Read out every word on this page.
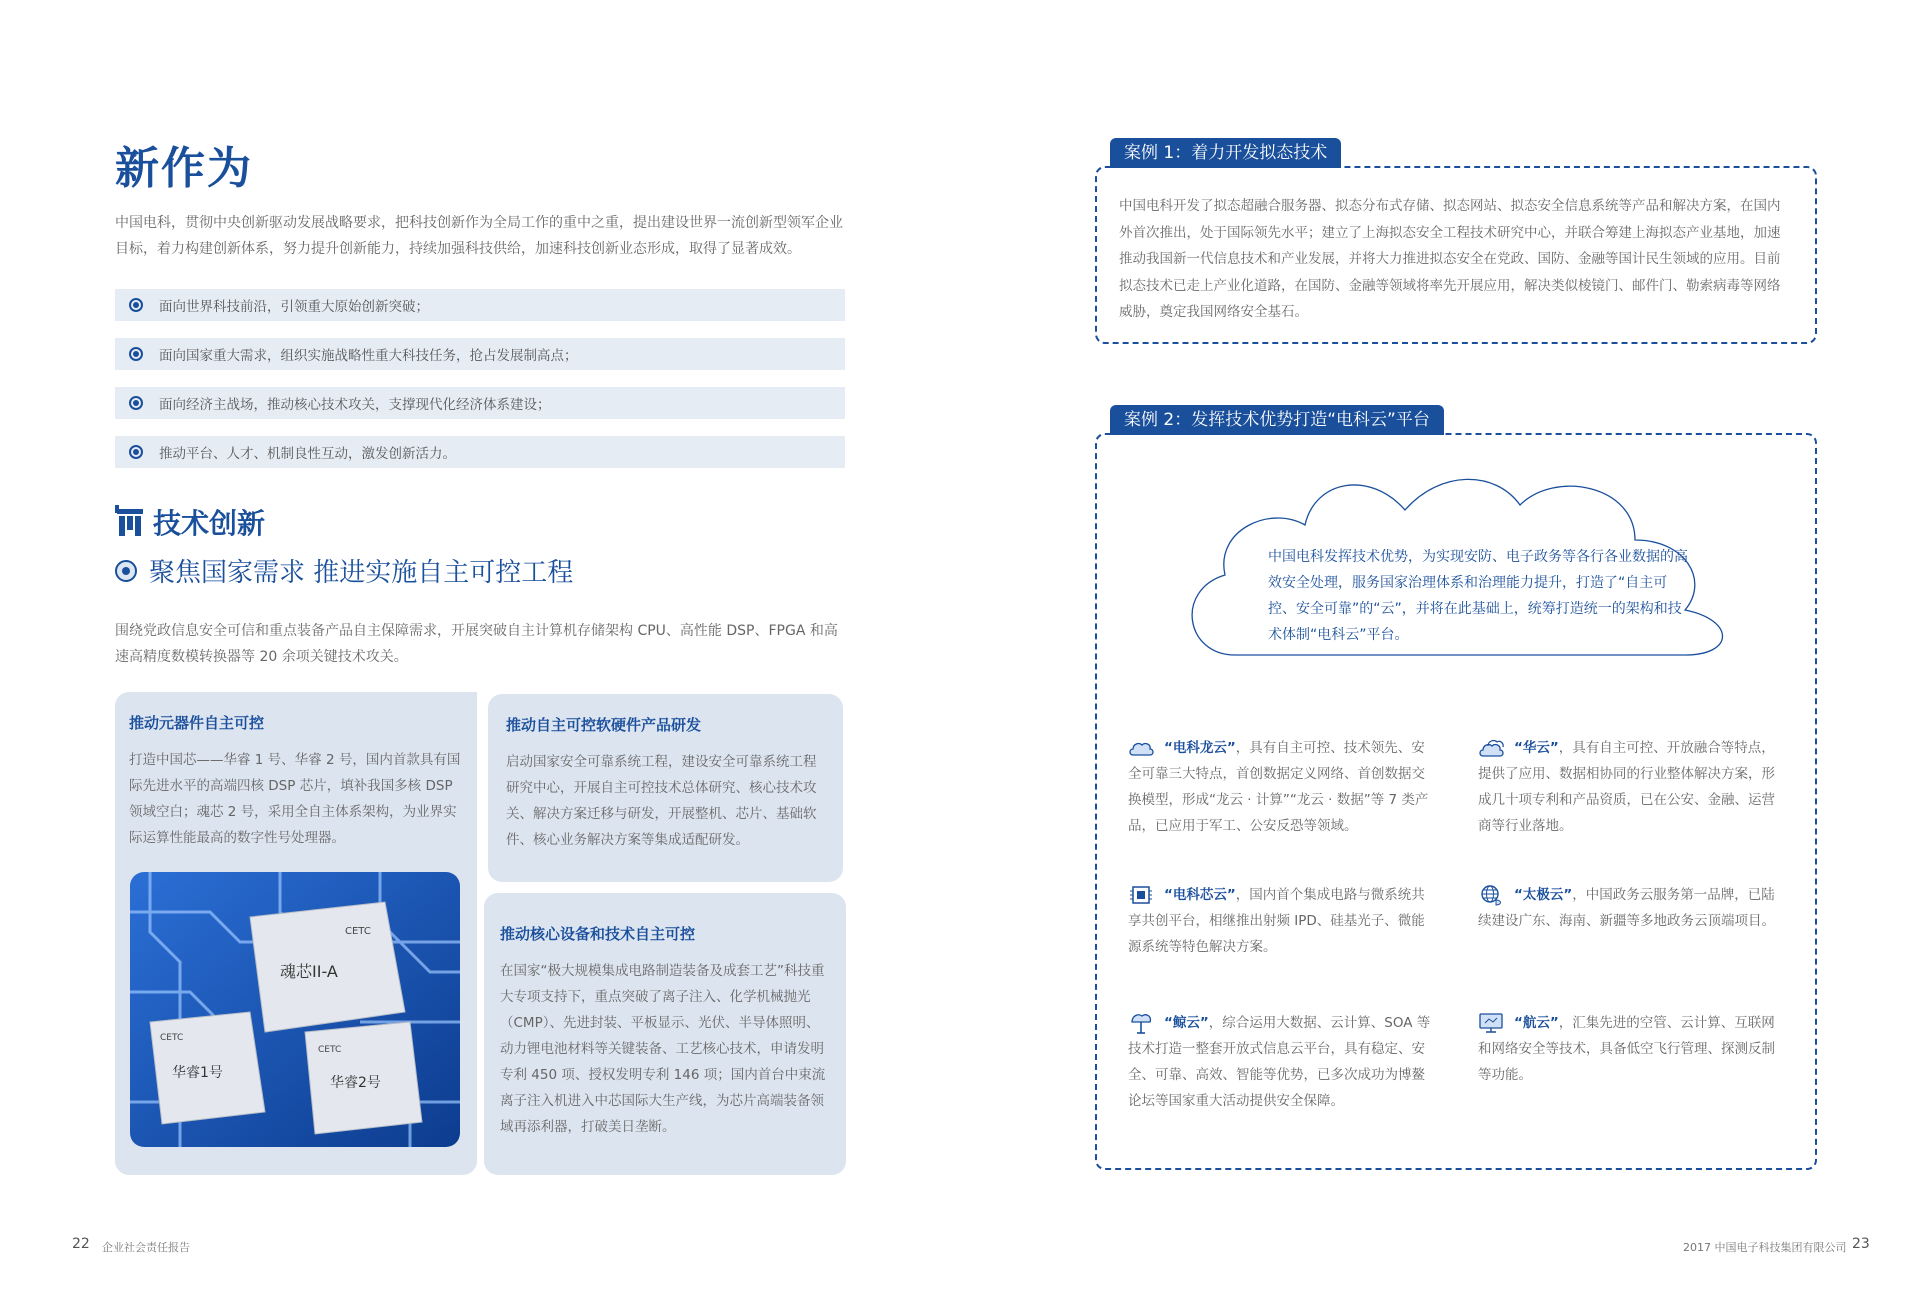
新作为
中国电科，贯彻中央创新驱动发展战略要求，把科技创新作为全局工作的重中之重，提出建设世界一流创新型领军企业目标，着力构建创新体系，努力提升创新能力，持续加强科技供给，加速科技创新业态形成，取得了显著成效。
面向世界科技前沿，引领重大原始创新突破；
面向国家重大需求，组织实施战略性重大科技任务，抢占发展制高点；
面向经济主战场，推动核心技术攻关，支撑现代化经济体系建设；
推动平台、人才、机制良性互动，激发创新活力。
技术创新
聚焦国家需求 推进实施自主可控工程
围绕党政信息安全可信和重点装备产品自主保障需求，开展突破自主计算机存储架构 CPU、高性能 DSP、FPGA 和高速高精度数模转换器等 20 余项关键技术攻关。
推动元器件自主可控

打造中国芯——华睿 1 号、华睿 2 号，国内首款具有国际先进水平的高端四核 DSP 芯片，填补我国多核 DSP 领域空白；魂芯 2 号，采用全自主体系架构，为业界实际运算性能最高的数字性号处理器。

CETC
魂芯II-A
CETC
华睿1号
CETC
华睿2号
推动自主可控软硬件产品研发

启动国家安全可靠系统工程，建设安全可靠系统工程研究中心，开展自主可控技术总体研究、核心技术攻关、解决方案迁移与研发，开展整机、芯片、基础软件、核心业务解决方案等集成适配研发。

推动核心设备和技术自主可控

在国家“极大规模集成电路制造装备及成套工艺”科技重大专项支持下，重点突破了离子注入、化学机械抛光（CMP）、先进封装、平板显示、光伏、半导体照明、动力锂电池材料等关键装备、工艺核心技术，申请发明专利 450 项、授权发明专利 146 项；国内首台中束流离子注入机进入中芯国际大生产线，为芯片高端装备领域再添利器，打破美日垄断。

22 企业社会责任报告
案例 1：着力开发拟态技术

中国电科开发了拟态超融合服务器、拟态分布式存储、拟态网站、拟态安全信息系统等产品和解决方案，在国内外首次推出，处于国际领先水平；建立了上海拟态安全工程技术研究中心，并联合筹建上海拟态产业基地，加速推动我国新一代信息技术和产业发展，并将大力推进拟态安全在党政、国防、金融等国计民生领域的应用。目前拟态技术已走上产业化道路，在国防、金融等领域将率先开展应用，解决类似棱镜门、邮件门、勒索病毒等网络威胁，奠定我国网络安全基石。

案例 2：发挥技术优势打造“电科云”平台
中国电科发挥技术优势，为实现安防、电子政务等各行各业数据的高效安全处理，服务国家治理体系和治理能力提升，打造了“自主可控、安全可靠”的“云”，并将在此基础上，统筹打造统一的架构和技术体制“电科云”平台。
“电科龙云”，具有自主可控、技术领先、安全可靠三大特点，首创数据定义网络、首创数据交换模型，形成“龙云 · 计算”“龙云 · 数据”等 7 类产品，已应用于军工、公安反恐等领域。
“华云”，具有自主可控、开放融合等特点，提供了应用、数据相协同的行业整体解决方案，形成几十项专利和产品资质，已在公安、金融、运营商等行业落地。
“电科芯云”，国内首个集成电路与微系统共享共创平台，相继推出射频 IPD、硅基光子、微能源系统等特色解决方案。
“太极云”，中国政务云服务第一品牌，已陆续建设广东、海南、新疆等多地政务云顶端项目。
“鲸云”，综合运用大数据、云计算、SOA 等技术打造一整套开放式信息云平台，具有稳定、安全、可靠、高效、智能等优势，已多次成功为博鳌论坛等国家重大活动提供安全保障。
“航云”，汇集先进的空管、云计算、互联网和网络安全等技术，具备低空飞行管理、探测反制等功能。
2017 中国电子科技集团有限公司 23
